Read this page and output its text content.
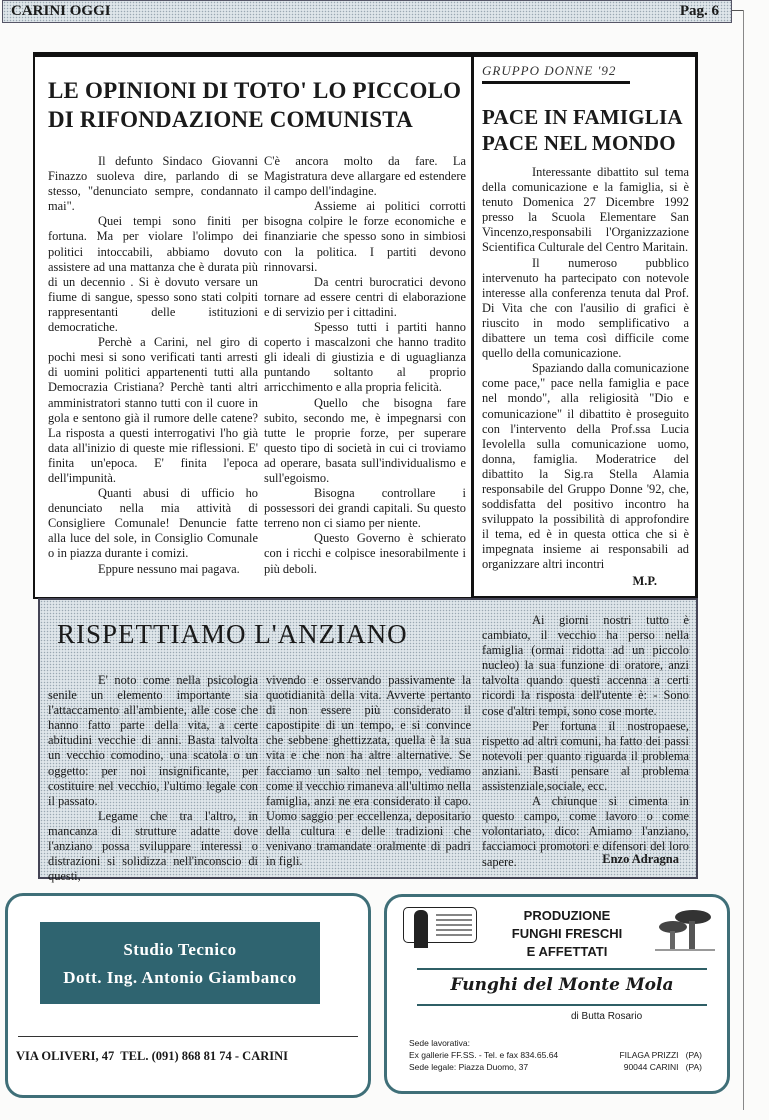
CARINI OGGI	Pag. 6
LE OPINIONI DI TOTO' LO PICCOLO DI RIFONDAZIONE COMUNISTA

Il defunto Sindaco Giovanni Finazzo suoleva dire, parlando di se stesso, "denunciato sempre, condannato mai".

Quei tempi sono finiti per fortuna. Ma per violare l'olimpo dei politici intoccabili, abbiamo dovuto assistere ad una mattanza che è durata più di un decennio . Si è dovuto versare un fiume di sangue, spesso sono stati colpiti rappresentanti delle istituzioni democratiche.

Perchè a Carini, nel giro di pochi mesi si sono verificati tanti arresti di uomini politici appartenenti tutti alla Democrazia Cristiana? Perchè tanti altri amministratori stanno tutti con il cuore in gola e sentono già il rumore delle catene? La risposta a questi interrogativi l'ho già data all'inizio di queste mie riflessioni. E' finita un'epoca. E' finita l'epoca dell'impunità.

Quanti abusi di ufficio ho denunciato nella mia attività di Consigliere Comunale! Denuncie fatte alla luce del sole, in Consiglio Comunale o in piazza durante i comizi.

Eppure nessuno mai pagava.

C'è ancora molto da fare. La Magistratura deve allargare ed estendere il campo dell'indagine.

Assieme ai politici corrotti bisogna colpire le forze economiche e finanziarie che spesso sono in simbiosi con la politica. I partiti devono rinnovarsi.

Da centri burocratici devono tornare ad essere centri di elaborazione e di servizio per i cittadini.

Spesso tutti i partiti hanno coperto i mascalzoni che hanno tradito gli ideali di giustizia e di uguaglianza puntando soltanto al proprio arricchimento e alla propria felicità.

Quello che bisogna fare subito, secondo me, è impegnarsi con tutte le proprie forze, per superare questo tipo di società in cui ci troviamo ad operare, basata sull'individualismo e sull'egoismo.

Bisogna controllare i possessori dei grandi capitali. Su questo terreno non ci siamo per niente.

Questo Governo è schierato con i ricchi e colpisce inesorabilmente i più deboli.

GRUPPO DONNE '92
PACE IN FAMIGLIA PACE NEL MONDO

Interessante dibattito sul tema della comunicazione e la famiglia, si è tenuto Domenica 27 Dicembre 1992 presso la Scuola Elementare San Vincenzo,responsabili l'Organizzazione Scientifica Culturale del Centro Maritain.

Il numeroso pubblico intervenuto ha partecipato con notevole interesse alla conferenza tenuta dal Prof. Di Vita che con l'ausilio di grafici è riuscito in modo semplificativo a dibattere un tema così difficile come quello della comunicazione.

Spaziando dalla comunicazione come pace," pace nella famiglia e pace nel mondo", alla religiosità "Dio e comunicazione" il dibattito è proseguito con l'intervento della Prof.ssa Lucia Ievolella sulla comunicazione uomo, donna, famiglia. Moderatrice del dibattito la Sig.ra Stella Alamia responsabile del Gruppo Donne '92, che, soddisfatta del positivo incontro ha sviluppato la possibilità di approfondire il tema, ed è in questa ottica che si è impegnata insieme ai responsabili ad organizzare altri incontri

M.P.
RISPETTIAMO L'ANZIANO

E' noto come nella psicologia senile un elemento importante sia l'attaccamento all'ambiente, alle cose che hanno fatto parte della vita, a certe abitudini vecchie di anni. Basta talvolta un vecchio comodino, una scatola o un oggetto: per noi insignificante, per costituire nel vecchio, l'ultimo legale con il passato.

Legame che tra l'altro, in mancanza di strutture adatte dove l'anziano possa sviluppare interessi o distrazioni si solidizza nell'inconscio di questi,

vivendo e osservando passivamente la quotidianità della vita. Avverte pertanto di non essere più considerato il capostipite di un tempo, e si convince che sebbene ghettizzata, quella è la sua vita e che non ha altre alternative. Se facciamo un salto nel tempo, vediamo come il vecchio rimaneva all'ultimo nella famiglia, anzi ne era considerato il capo. Uomo saggio per eccellenza, depositario della cultura e delle tradizioni che venivano tramandate oralmente di padri in figli.

Ai giorni nostri tutto è cambiato, il vecchio ha perso nella famiglia (ormai ridotta ad un piccolo nucleo) la sua funzione di oratore, anzi talvolta quando questi accenna a certi ricordi la risposta dell'utente è: - Sono cose d'altri tempi, sono cose morte.

Per fortuna il nostropaese, rispetto ad altri comuni, ha fatto dei passi notevoli per quanto riguarda il problema anziani. Basti pensare al problema assistenziale,sociale, ecc.

A chiunque si cimenta in questo campo, come lavoro o come volontariato, dico: Amiamo l'anziano, facciamoci promotori e difensori del loro sapere.	Enzo Adragna
Studio Tecnico
Dott. Ing. Antonio Giambanco
VIA OLIVERI, 47  TEL. (091) 868 81 74 - CARINI
PRODUZIONE
FUNGHI FRESCHI
E AFFETTATI
Funghi del Monte Mola
di Butta Rosario
Sede lavorativa:
Ex gallerie FF.SS. - Tel. e fax 834.65.64
Sede legale: Piazza Duomo, 37
FILAGA PRIZZI (PA)
90044 CARINI (PA)
